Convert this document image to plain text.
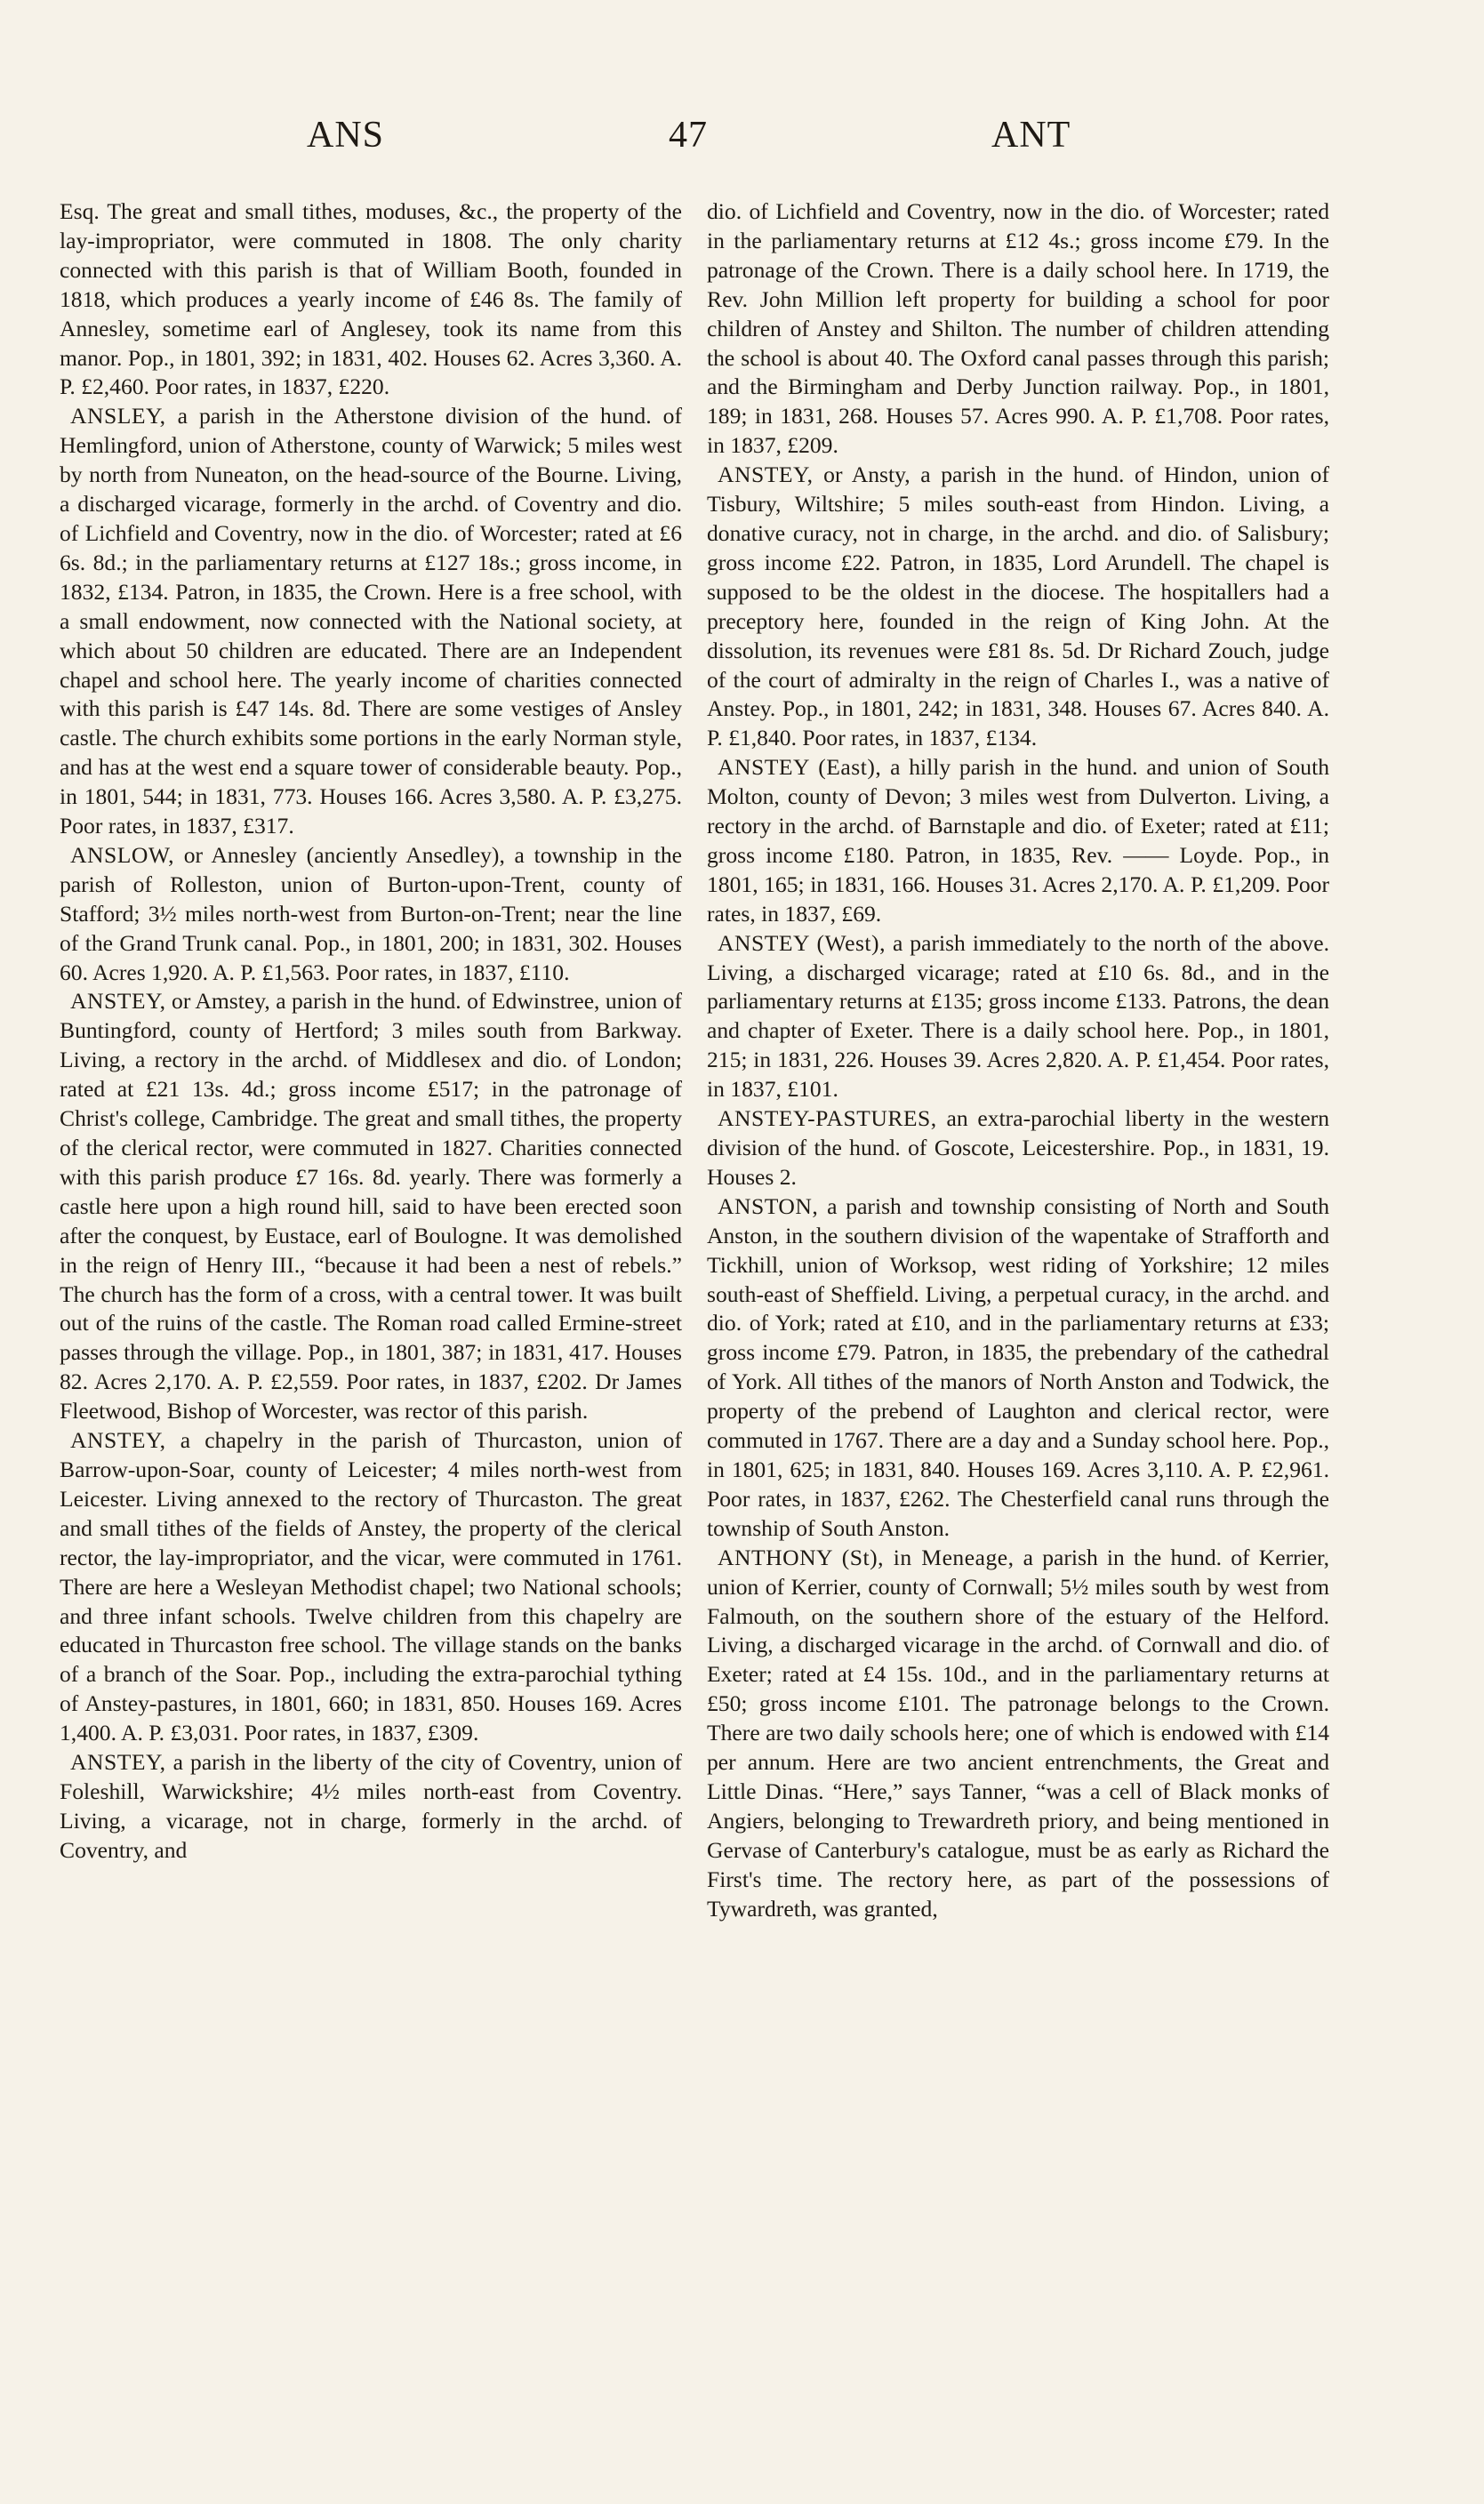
ANS	47	ANT

Esq. The great and small tithes, moduses, &c., the property of the lay-impropriator, were commuted in 1808. The only charity connected with this parish is that of William Booth, founded in 1818, which produces a yearly income of £46 8s. The family of Annesley, sometime earl of Anglesey, took its name from this manor. Pop., in 1801, 392; in 1831, 402. Houses 62. Acres 3,360. A. P. £2,460. Poor rates, in 1837, £220.

ANSLEY, a parish in the Atherstone division of the hund. of Hemlingford, union of Atherstone, county of Warwick; 5 miles west by north from Nuneaton, on the head-source of the Bourne. Living, a discharged vicarage, formerly in the archd. of Coventry and dio. of Lichfield and Coventry, now in the dio. of Worcester; rated at £6 6s. 8d.; in the parliamentary returns at £127 18s.; gross income, in 1832, £134. Patron, in 1835, the Crown. Here is a free school, with a small endowment, now connected with the National society, at which about 50 children are educated. There are an Independent chapel and school here. The yearly income of charities connected with this parish is £47 14s. 8d. There are some vestiges of Ansley castle. The church exhibits some portions in the early Norman style, and has at the west end a square tower of considerable beauty. Pop., in 1801, 544; in 1831, 773. Houses 166. Acres 3,580. A. P. £3,275. Poor rates, in 1837, £317.

ANSLOW, or Annesley (anciently Ansedley), a township in the parish of Rolleston, union of Burton-upon-Trent, county of Stafford; 3½ miles north-west from Burton-on-Trent; near the line of the Grand Trunk canal. Pop., in 1801, 200; in 1831, 302. Houses 60. Acres 1,920. A. P. £1,563. Poor rates, in 1837, £110.

ANSTEY, or Amstey, a parish in the hund. of Edwinstree, union of Buntingford, county of Hertford; 3 miles south from Barkway. Living, a rectory in the archd. of Middlesex and dio. of London; rated at £21 13s. 4d.; gross income £517; in the patronage of Christ's college, Cambridge. The great and small tithes, the property of the clerical rector, were commuted in 1827. Charities connected with this parish produce £7 16s. 8d. yearly. There was formerly a castle here upon a high round hill, said to have been erected soon after the conquest, by Eustace, earl of Boulogne. It was demolished in the reign of Henry III., “because it had been a nest of rebels.” The church has the form of a cross, with a central tower. It was built out of the ruins of the castle. The Roman road called Ermine-street passes through the village. Pop., in 1801, 387; in 1831, 417. Houses 82. Acres 2,170. A. P. £2,559. Poor rates, in 1837, £202. Dr James Fleetwood, Bishop of Worcester, was rector of this parish.

ANSTEY, a chapelry in the parish of Thurcaston, union of Barrow-upon-Soar, county of Leicester; 4 miles north-west from Leicester. Living annexed to the rectory of Thurcaston. The great and small tithes of the fields of Anstey, the property of the clerical rector, the lay-impropriator, and the vicar, were commuted in 1761. There are here a Wesleyan Methodist chapel; two National schools; and three infant schools. Twelve children from this chapelry are educated in Thurcaston free school. The village stands on the banks of a branch of the Soar. Pop., including the extra-parochial tything of Anstey-pastures, in 1801, 660; in 1831, 850. Houses 169. Acres 1,400. A. P. £3,031. Poor rates, in 1837, £309.

ANSTEY, a parish in the liberty of the city of Coventry, union of Foleshill, Warwickshire; 4½ miles north-east from Coventry. Living, a vicarage, not in charge, formerly in the archd. of Coventry, and

dio. of Lichfield and Coventry, now in the dio. of Worcester; rated in the parliamentary returns at £12 4s.; gross income £79. In the patronage of the Crown. There is a daily school here. In 1719, the Rev. John Million left property for building a school for poor children of Anstey and Shilton. The number of children attending the school is about 40. The Oxford canal passes through this parish; and the Birmingham and Derby Junction railway. Pop., in 1801, 189; in 1831, 268. Houses 57. Acres 990. A. P. £1,708. Poor rates, in 1837, £209.

ANSTEY, or Ansty, a parish in the hund. of Hindon, union of Tisbury, Wiltshire; 5 miles south-east from Hindon. Living, a donative curacy, not in charge, in the archd. and dio. of Salisbury; gross income £22. Patron, in 1835, Lord Arundell. The chapel is supposed to be the oldest in the diocese. The hospitallers had a preceptory here, founded in the reign of King John. At the dissolution, its revenues were £81 8s. 5d. Dr Richard Zouch, judge of the court of admiralty in the reign of Charles I., was a native of Anstey. Pop., in 1801, 242; in 1831, 348. Houses 67. Acres 840. A. P. £1,840. Poor rates, in 1837, £134.

ANSTEY (East), a hilly parish in the hund. and union of South Molton, county of Devon; 3 miles west from Dulverton. Living, a rectory in the archd. of Barnstaple and dio. of Exeter; rated at £11; gross income £180. Patron, in 1835, Rev. —— Loyde. Pop., in 1801, 165; in 1831, 166. Houses 31. Acres 2,170. A. P. £1,209. Poor rates, in 1837, £69.

ANSTEY (West), a parish immediately to the north of the above. Living, a discharged vicarage; rated at £10 6s. 8d., and in the parliamentary returns at £135; gross income £133. Patrons, the dean and chapter of Exeter. There is a daily school here. Pop., in 1801, 215; in 1831, 226. Houses 39. Acres 2,820. A. P. £1,454. Poor rates, in 1837, £101.

ANSTEY-PASTURES, an extra-parochial liberty in the western division of the hund. of Goscote, Leicestershire. Pop., in 1831, 19. Houses 2.

ANSTON, a parish and township consisting of North and South Anston, in the southern division of the wapentake of Strafforth and Tickhill, union of Worksop, west riding of Yorkshire; 12 miles south-east of Sheffield. Living, a perpetual curacy, in the archd. and dio. of York; rated at £10, and in the parliamentary returns at £33; gross income £79. Patron, in 1835, the prebendary of the cathedral of York. All tithes of the manors of North Anston and Todwick, the property of the prebend of Laughton and clerical rector, were commuted in 1767. There are a day and a Sunday school here. Pop., in 1801, 625; in 1831, 840. Houses 169. Acres 3,110. A. P. £2,961. Poor rates, in 1837, £262. The Chesterfield canal runs through the township of South Anston.

ANTHONY (St), in Meneage, a parish in the hund. of Kerrier, union of Kerrier, county of Cornwall; 5½ miles south by west from Falmouth, on the southern shore of the estuary of the Helford. Living, a discharged vicarage in the archd. of Cornwall and dio. of Exeter; rated at £4 15s. 10d., and in the parliamentary returns at £50; gross income £101. The patronage belongs to the Crown. There are two daily schools here; one of which is endowed with £14 per annum. Here are two ancient entrenchments, the Great and Little Dinas. “Here,” says Tanner, “was a cell of Black monks of Angiers, belonging to Trewardreth priory, and being mentioned in Gervase of Canterbury's catalogue, must be as early as Richard the First's time. The rectory here, as part of the possessions of Tywardreth, was granted,
